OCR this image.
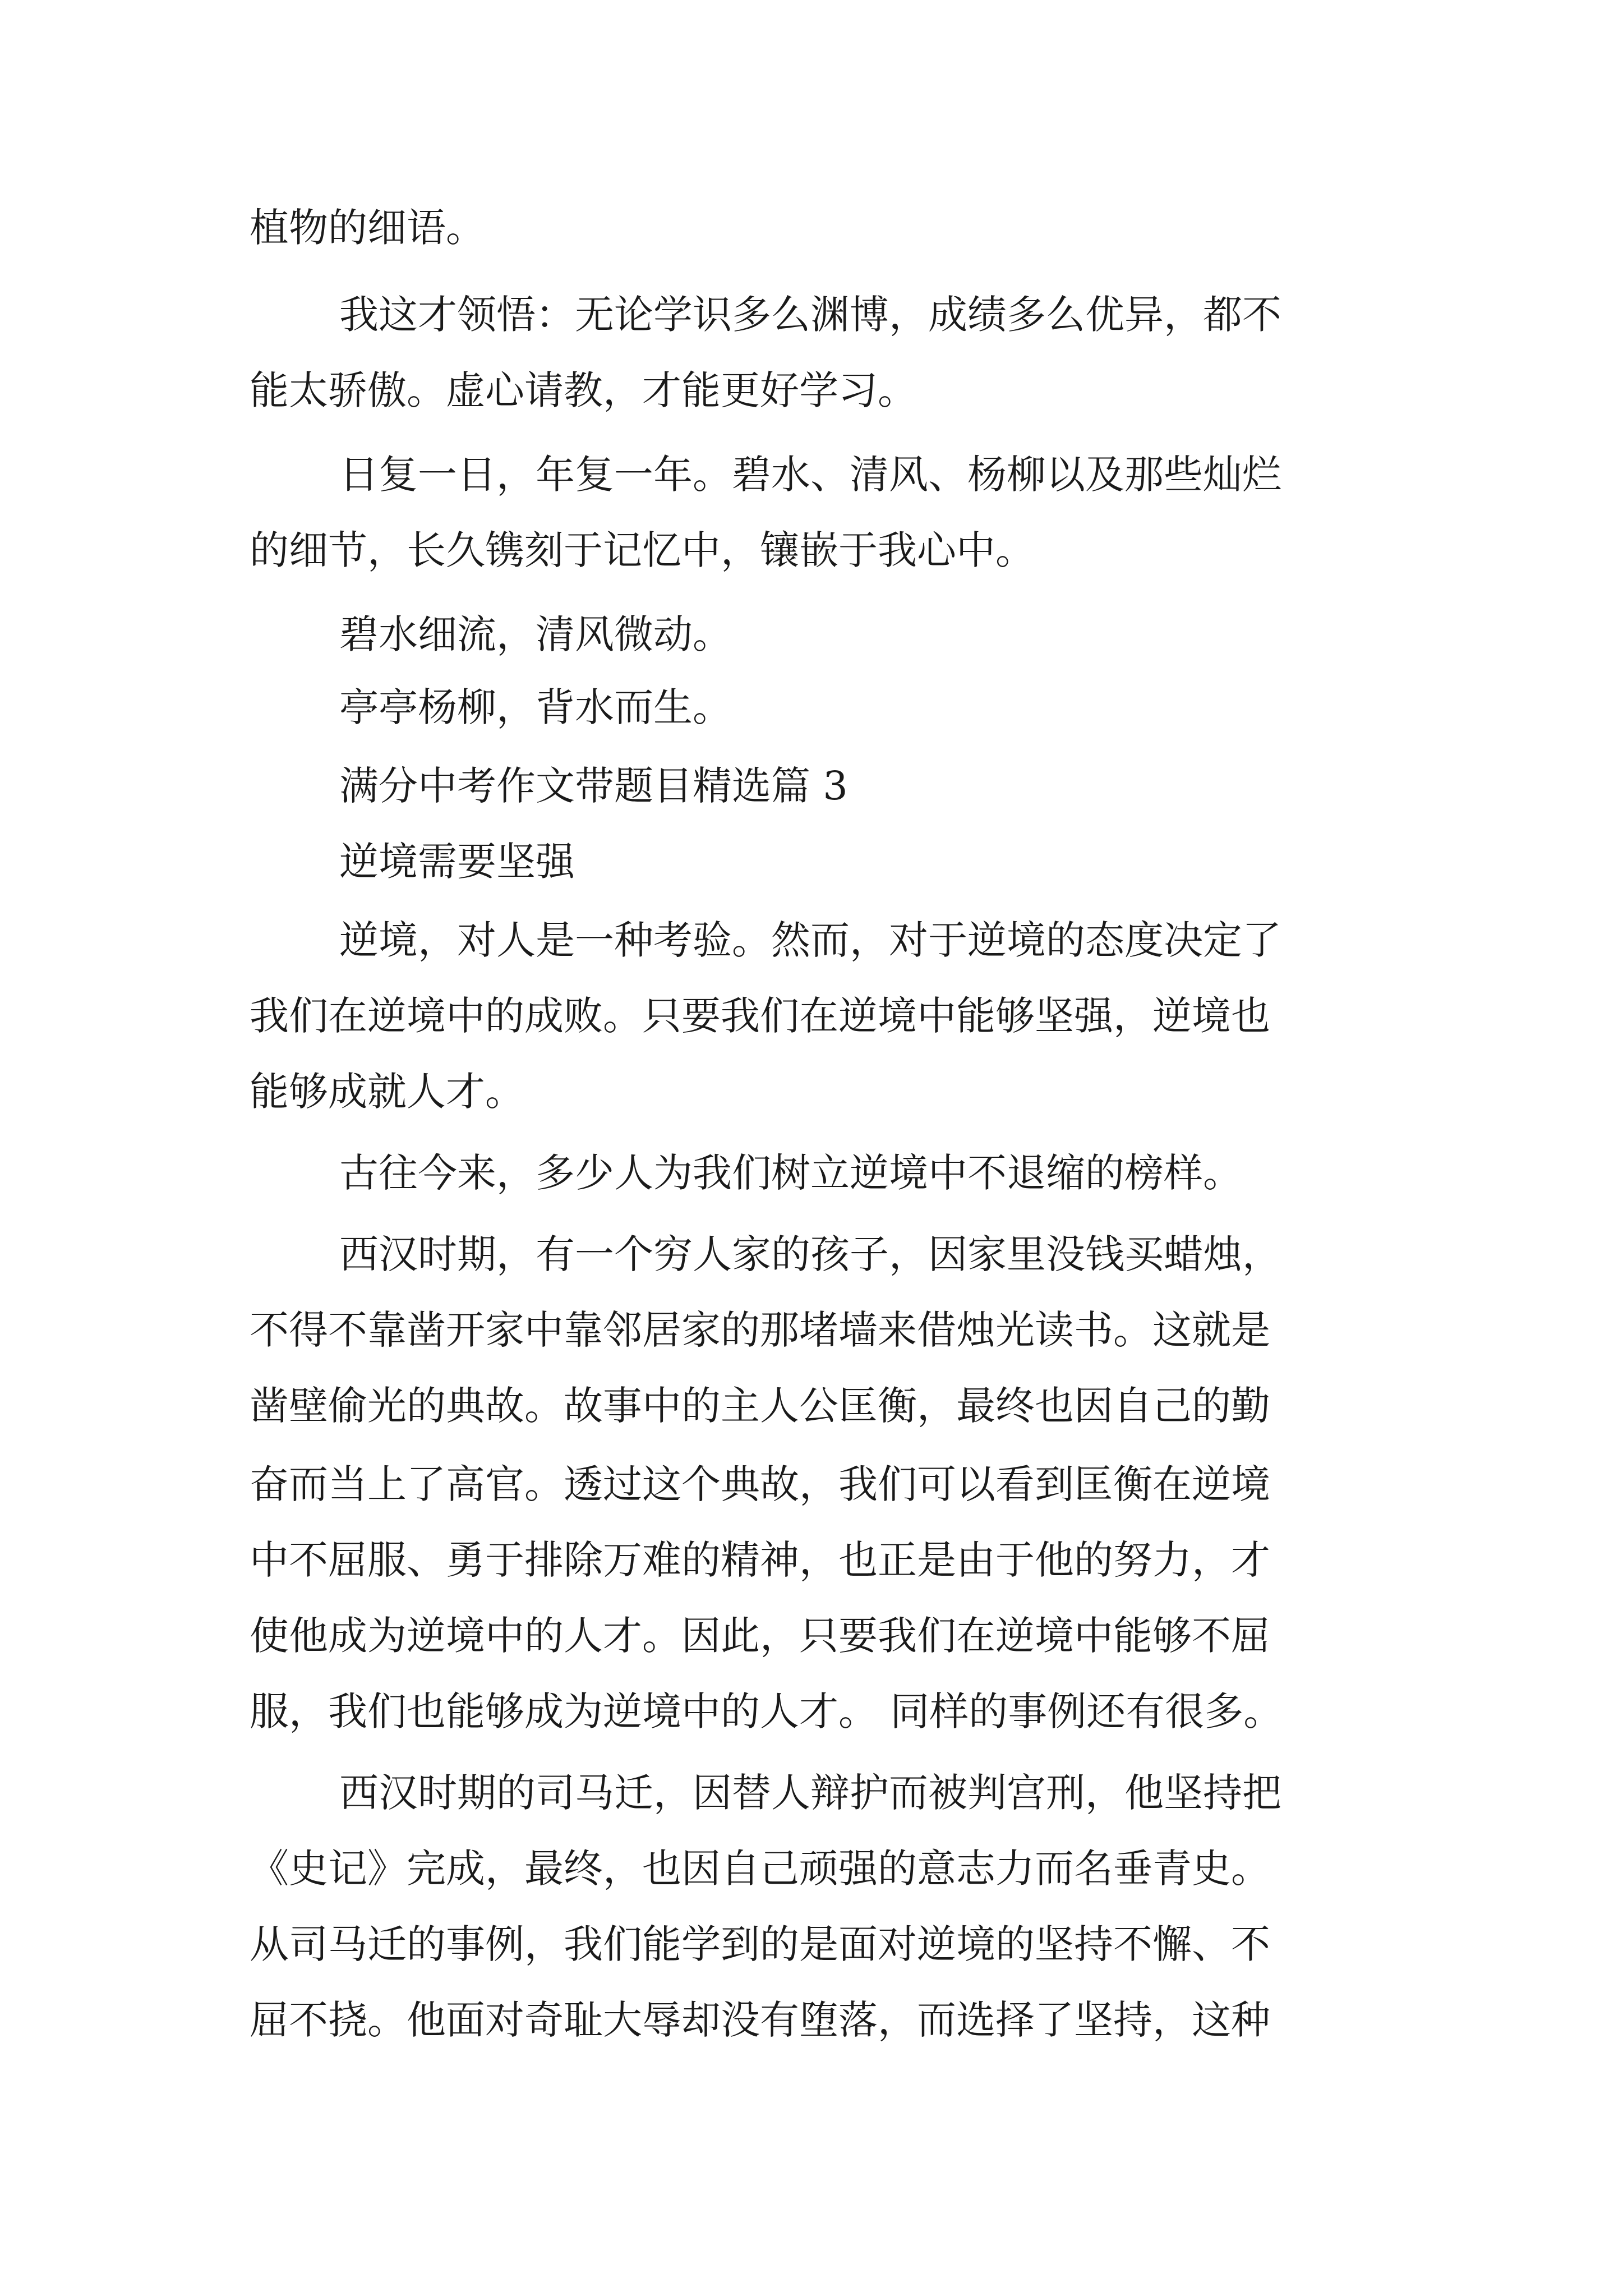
植物的细语。

我这才领悟：无论学识多么渊博，成绩多么优异，都不

能太骄傲。虚心请教，才能更好学习。

日复一日，年复一年。碧水、清风、杨柳以及那些灿烂

的细节，长久镌刻于记忆中，镶嵌于我心中。

碧水细流，清风微动。

亭亭杨柳，背水而生。

满分中考作文带题目精选篇 3

逆境需要坚强

逆境，对人是一种考验。然而，对于逆境的态度决定了

我们在逆境中的成败。只要我们在逆境中能够坚强，逆境也

能够成就人才。

古往今来，多少人为我们树立逆境中不退缩的榜样。

西汉时期，有一个穷人家的孩子，因家里没钱买蜡烛，

不得不靠凿开家中靠邻居家的那堵墙来借烛光读书。这就是

凿壁偷光的典故。故事中的主人公匡衡，最终也因自己的勤

奋而当上了高官。透过这个典故，我们可以看到匡衡在逆境

中不屈服、勇于排除万难的精神，也正是由于他的努力，才

使他成为逆境中的人才。因此，只要我们在逆境中能够不屈

服，我们也能够成为逆境中的人才。 同样的事例还有很多。

西汉时期的司马迁，因替人辩护而被判宫刑，他坚持把

《史记》完成，最终，也因自己顽强的意志力而名垂青史。

从司马迁的事例，我们能学到的是面对逆境的坚持不懈、不

屈不挠。他面对奇耻大辱却没有堕落，而选择了坚持，这种
